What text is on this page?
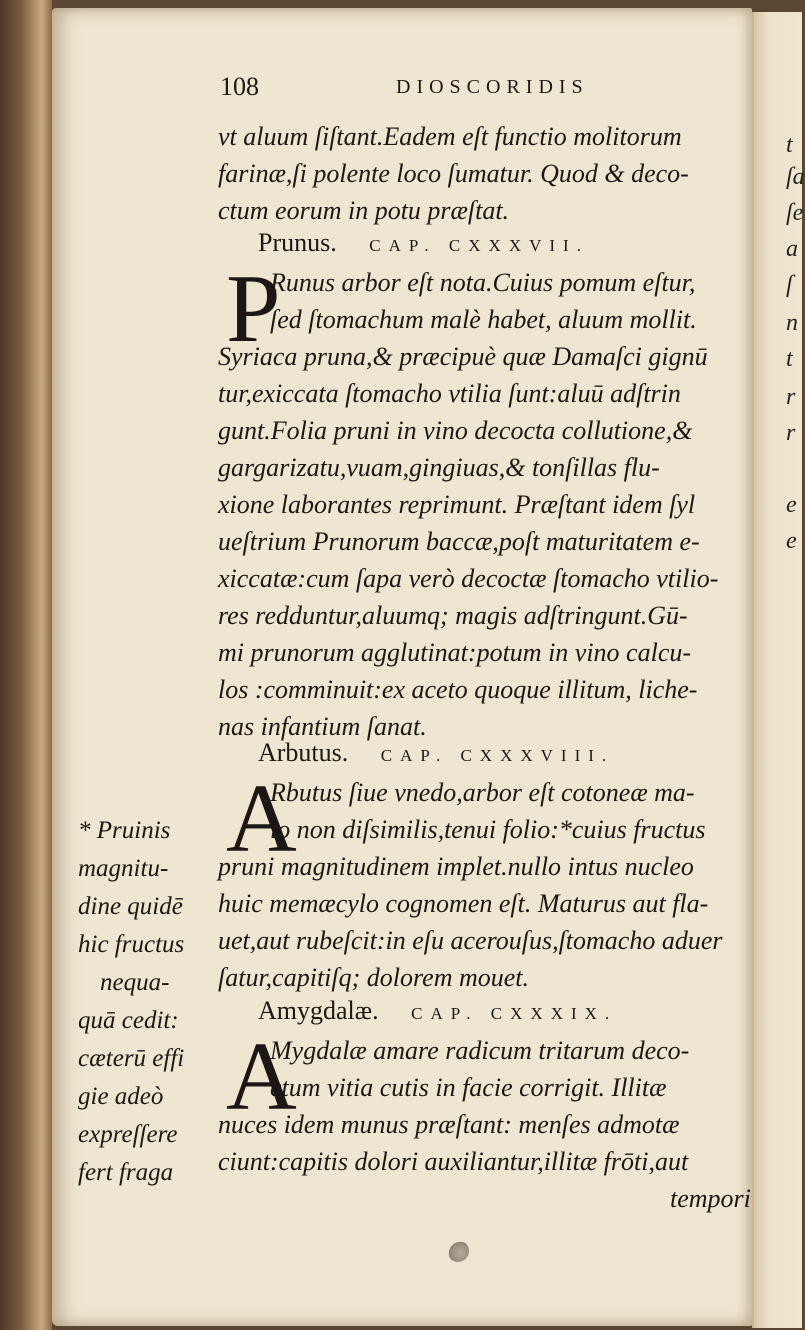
t
ſa
ſe
a
ſ
n
t
r
r
e
e
108	DIOSCORIDIS
vt aluum ſiſtant.Eadem eſt functio molitorum
farinæ,ſi polente loco ſumatur. Quod & deco-
ctum eorum in potu præſtat.
Prunus. CAP. CXXXVII.
P
Runus arbor eſt nota.Cuius pomum eſtur,
ſed ſtomachum malè habet, aluum mollit.
Syriaca pruna,& præcipuè quæ Damaſci gignū
tur,exiccata ſtomacho vtilia ſunt:aluū adſtrin
gunt.Folia pruni in vino decocta collutione,&
gargarizatu,vuam,gingiuas,& tonſillas flu-
xione laborantes reprimunt. Præſtant idem ſyl
ueſtrium Prunorum baccæ,poſt maturitatem e-
xiccatæ:cum ſapa verò decoctæ ſtomacho vtilio-
res redduntur,aluumq; magis adſtringunt.Gū-
mi prunorum agglutinat:potum in vino calcu-
los :comminuit:ex aceto quoque illitum, liche-
nas infantium ſanat.
Arbutus. CAP. CXXXVIII.
A
Rbutus ſiue vnedo,arbor eſt cotoneæ ma-
lo non diſsimilis,tenui folio:*cuius fructus
pruni magnitudinem implet.nullo intus nucleo
huic memæcylo cognomen eſt. Maturus aut fla-
uet,aut rubeſcit:in eſu acerouſus,ſtomacho aduer
ſatur,capitiſq; dolorem mouet.
Amygdalæ. CAP. CXXXIX.
A
Mygdalæ amare radicum tritarum deco-
ctum vitia cutis in facie corrigit. Illitæ
nuces idem munus præſtant: menſes admotæ
ciunt:capitis dolori auxiliantur,illitæ frōti,aut
tempori
* Pruinis
magnitu-
dine quidē
hic fructus
nequa-
quā cedit:
cæterū effi
gie adeò
expreſſere
fert fraga
